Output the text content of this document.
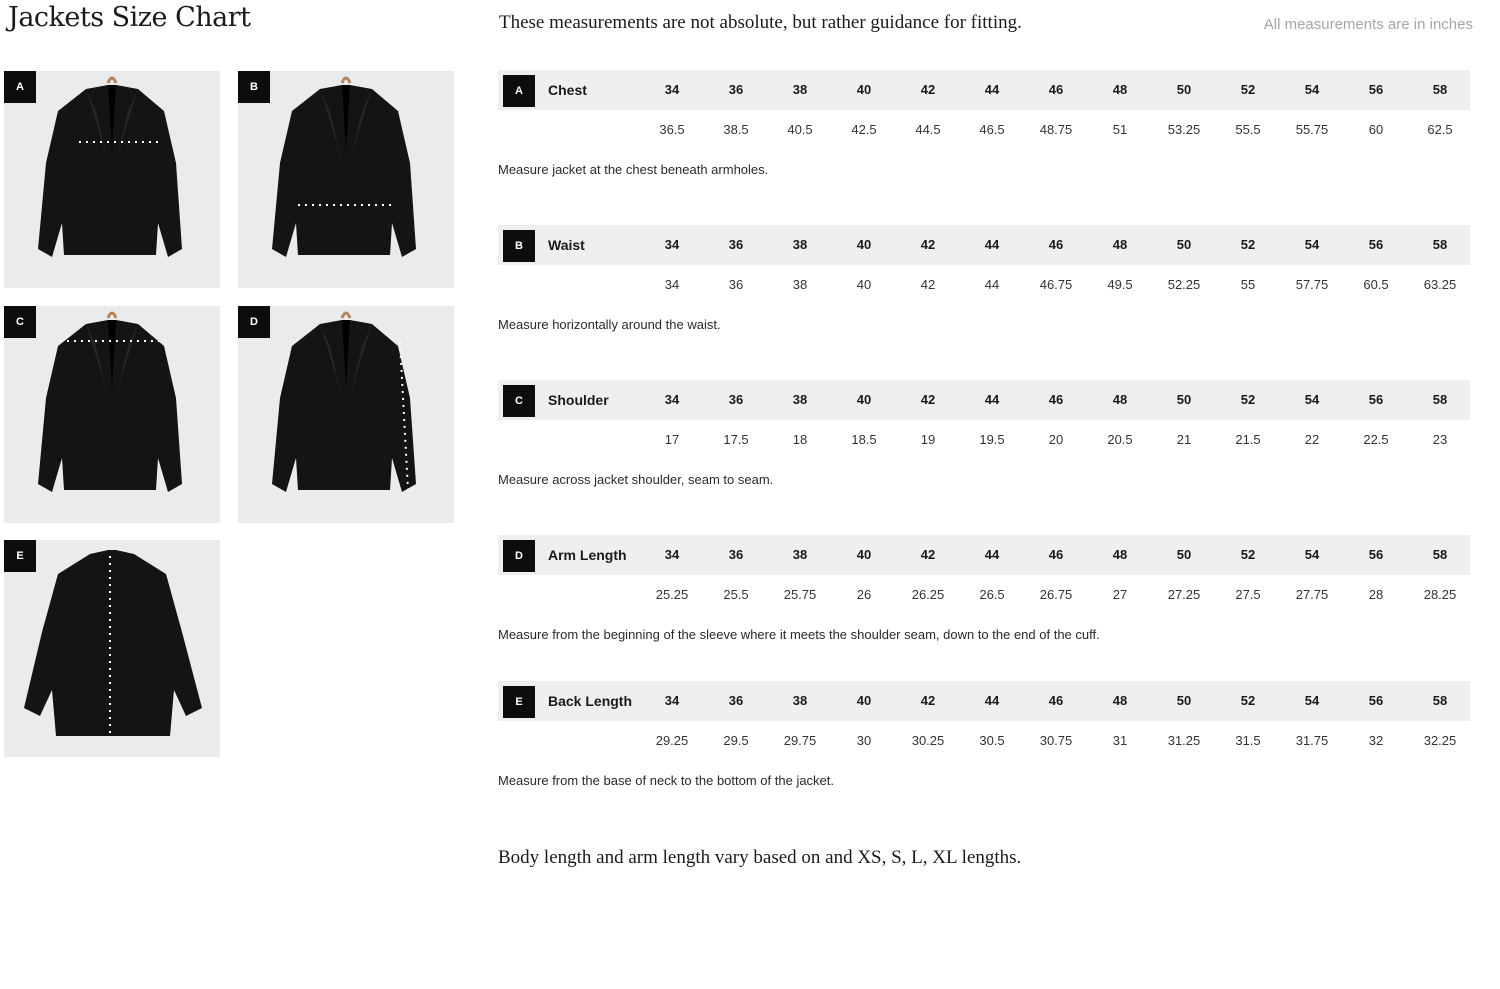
Jackets Size Chart	These measurements are not absolute, but rather guidance for fitting.	All measurements are in inches
A	B
C	D
E
A	Chest	34	36	38	40	42	44	46	48	50	52	54	56	58
36.5	38.5	40.5	42.5	44.5	46.5	48.75	51	53.25	55.5	55.75	60	62.5
Measure jacket at the chest beneath armholes.
B	Waist	34	36	38	40	42	44	46	48	50	52	54	56	58
34	36	38	40	42	44	46.75	49.5	52.25	55	57.75	60.5	63.25
Measure horizontally around the waist.
C	Shoulder	34	36	38	40	42	44	46	48	50	52	54	56	58
17	17.5	18	18.5	19	19.5	20	20.5	21	21.5	22	22.5	23
Measure across jacket shoulder, seam to seam.
D	Arm Length	34	36	38	40	42	44	46	48	50	52	54	56	58
25.25	25.5	25.75	26	26.25	26.5	26.75	27	27.25	27.5	27.75	28	28.25
Measure from the beginning of the sleeve where it meets the shoulder seam, down to the end of the cuff.
E	Back Length	34	36	38	40	42	44	46	48	50	52	54	56	58
29.25	29.5	29.75	30	30.25	30.5	30.75	31	31.25	31.5	31.75	32	32.25
Measure from the base of neck to the bottom of the jacket.
Body length and arm length vary based on and XS, S, L, XL lengths.
